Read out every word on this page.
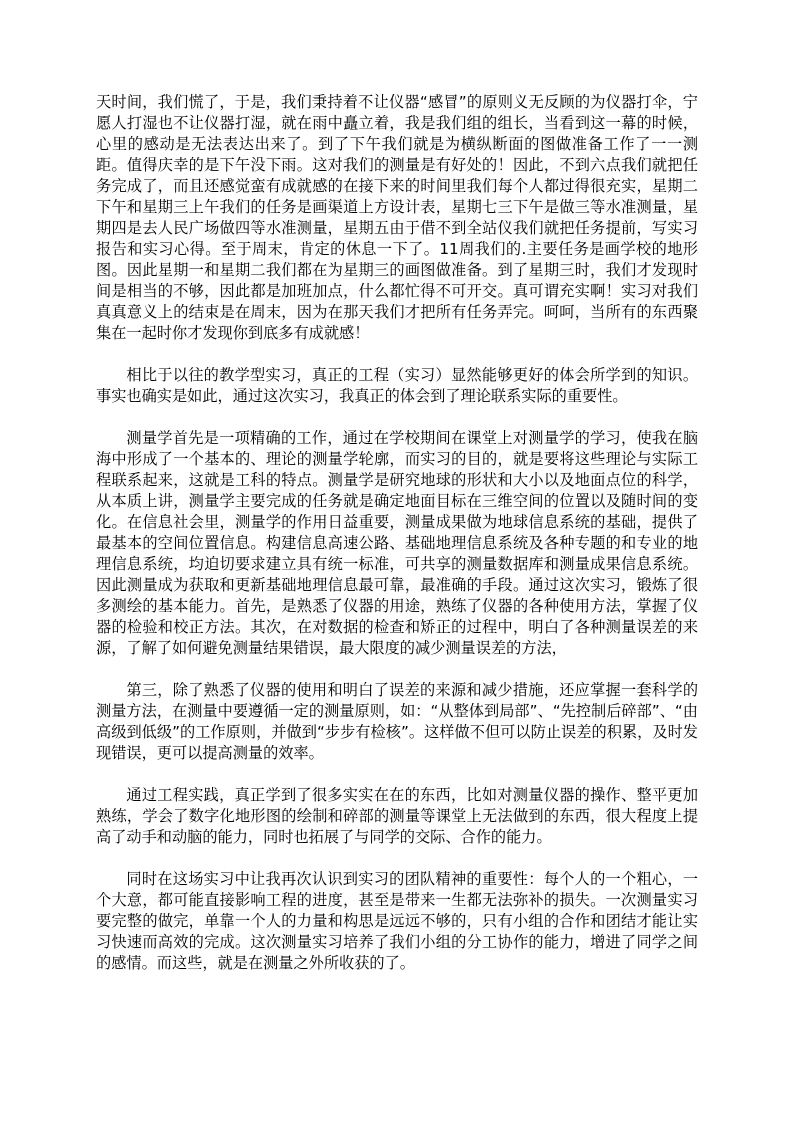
天时间，我们慌了，于是，我们秉持着不让仪器“感冒”的原则义无反顾的为仪器打伞，宁愿人打湿也不让仪器打湿，就在雨中矗立着，我是我们组的组长，当看到这一幕的时候，心里的感动是无法表达出来了。到了下午我们就是为横纵断面的图做准备工作了一一测距。值得庆幸的是下午没下雨。这对我们的测量是有好处的！因此，不到六点我们就把任务完成了，而且还感觉蛮有成就感的在接下来的时间里我们每个人都过得很充实，星期二下午和星期三上午我们的任务是画渠道上方设计表，星期七三下午是做三等水准测量，星期四是去人民广场做四等水准测量，星期五由于借不到全站仪我们就把任务提前，写实习报告和实习心得。至于周末，肯定的休息一下了。11周我们的.主要任务是画学校的地形图。因此星期一和星期二我们都在为星期三的画图做准备。到了星期三时，我们才发现时间是相当的不够，因此都是加班加点，什么都忙得不可开交。真可谓充实啊！实习对我们真真意义上的结束是在周末，因为在那天我们才把所有任务弄完。呵呵，当所有的东西聚集在一起时你才发现你到底多有成就感！

相比于以往的教学型实习，真正的工程（实习）显然能够更好的体会所学到的知识。事实也确实是如此，通过这次实习，我真正的体会到了理论联系实际的重要性。

测量学首先是一项精确的工作，通过在学校期间在课堂上对测量学的学习，使我在脑海中形成了一个基本的、理论的测量学轮廓，而实习的目的，就是要将这些理论与实际工程联系起来，这就是工科的特点。测量学是研究地球的形状和大小以及地面点位的科学，从本质上讲，测量学主要完成的任务就是确定地面目标在三维空间的位置以及随时间的变化。在信息社会里，测量学的作用日益重要，测量成果做为地球信息系统的基础，提供了最基本的空间位置信息。构建信息高速公路、基础地理信息系统及各种专题的和专业的地理信息系统，均迫切要求建立具有统一标准，可共享的测量数据库和测量成果信息系统。因此测量成为获取和更新基础地理信息最可靠，最准确的手段。通过这次实习，锻炼了很多测绘的基本能力。首先，是熟悉了仪器的用途，熟练了仪器的各种使用方法，掌握了仪器的检验和校正方法。其次，在对数据的检查和矫正的过程中，明白了各种测量误差的来源，了解了如何避免测量结果错误，最大限度的减少测量误差的方法，

第三，除了熟悉了仪器的使用和明白了误差的来源和减少措施，还应掌握一套科学的测量方法，在测量中要遵循一定的测量原则，如：“从整体到局部”、“先控制后碎部”、“由高级到低级”的工作原则，并做到“步步有检核”。这样做不但可以防止误差的积累，及时发现错误，更可以提高测量的效率。

通过工程实践，真正学到了很多实实在在的东西，比如对测量仪器的操作、整平更加熟练，学会了数字化地形图的绘制和碎部的测量等课堂上无法做到的东西，很大程度上提高了动手和动脑的能力，同时也拓展了与同学的交际、合作的能力。

同时在这场实习中让我再次认识到实习的团队精神的重要性：每个人的一个粗心，一个大意，都可能直接影响工程的进度，甚至是带来一生都无法弥补的损失。一次测量实习要完整的做完，单靠一个人的力量和构思是远远不够的，只有小组的合作和团结才能让实习快速而高效的完成。这次测量实习培养了我们小组的分工协作的能力，增进了同学之间的感情。而这些，就是在测量之外所收获的了。
